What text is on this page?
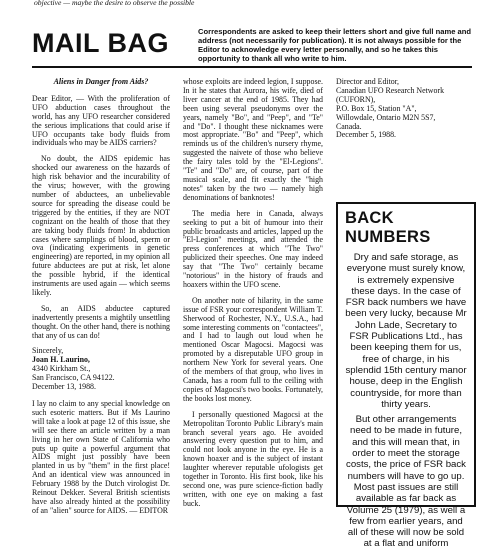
objective — maybe the desire to observe the possible
MAIL BAG	Correspondents are asked to keep their letters short and give full name and address (not necessarily for publication). It is not always possible for the Editor to acknowledge every letter personally, and so he takes this opportunity to thank all who write to him.
Aliens in Danger from Aids?

Dear Editor, — With the proliferation of UFO abduction cases throughout the world, has any UFO researcher considered the serious implications that could arise if UFO occupants take body fluids from individuals who may be AIDS carriers?

No doubt, the AIDS epidemic has shocked our awareness on the hazards of high risk behavior and the incurability of the virus; however, with the growing number of abductees, an unbelievable source for spreading the disease could be triggered by the entities, if they are NOT cognizant on the health of those that they are taking body fluids from! In abduction cases where samplings of blood, sperm or ova (indicating experiments in genetic engineering) are reported, in my opinion all future abductees are put at risk, let alone the possible hybrid, if the identical instruments are used again — which seems likely.

So, an AIDS abductee captured inadvertently presents a mightily unsettling thought. On the other hand, there is nothing that any of us can do!

Sincerely,
Joan H. Laurino,
4340 Kirkham St.,
San Francisco, CA 94122.
December 13, 1988.

I lay no claim to any special knowledge on such esoteric matters. But if Ms Laurino will take a look at page 12 of this issue, she will see there an article written by a man living in her own State of California who puts up quite a powerful argument that AIDS might just possibly have been planted in us by "them" in the first place! And an identical view was announced in February 1988 by the Dutch virologist Dr. Reinout Dekker. Several British scientists have also already hinted at the possibility of an "alien" source for AIDS. — EDITOR

whose exploits are indeed legion, I suppose. In it he states that Aurora, his wife, died of liver cancer at the end of 1985. They had been using several pseudonyms over the years, namely "Bo", and "Peep", and "Te" and "Do". I thought these nicknames were most appropriate. "Bo" and "Peep", which reminds us of the children's nursery rhyme, suggested the naivete of those who believe the fairy tales told by the "El-Legions". "Te" and "Do" are, of course, part of the musical scale, and fit exactly the "high notes" taken by the two — namely high denominations of banknotes!

The media here in Canada, always seeking to put a bit of humour into their public broadcasts and articles, lapped up the "El-Legion" meetings, and attended the press conferences at which "The Two" publicized their speeches. One may indeed say that "The Two" certainly became "notorious" in the history of frauds and hoaxers within the UFO scene.

On another note of hilarity, in the same issue of FSR your correspondent William T. Sherwood of Rochester, N.Y., U.S.A., had some interesting comments on "contactees", and I had to laugh out loud when he mentioned Oscar Magocsi. Magocsi was promoted by a disreputable UFO group in northern New York for several years. One of the members of that group, who lives in Canada, has a room full to the ceiling with copies of Magocsi's two books. Fortunately, the books lost money.

I personally questioned Magocsi at the Metropolitan Toronto Public Library's main branch several years ago. He avoided answering every question put to him, and could not look anyone in the eye. He is a known hoaxer and is the subject of instant laughter wherever reputable ufologists get together in Toronto. His first book, like his second one, was pure science-fiction badly written, with one eye on making a fast buck.

Director and Editor,
Canadian UFO Research Network (CUFORN),
P.O. Box 15, Station "A",
Willowdale, Ontario M2N 5S7,
Canada.
December 5, 1988.
BACK NUMBERS

Dry and safe storage, as everyone must surely know, is extremely expensive these days. In the case of FSR back numbers we have been very lucky, because Mr John Lade, Secretary to FSR Publications Ltd., has been keeping them for us, free of charge, in his splendid 15th century manor house, deep in the English countryside, for more than thirty years.

But other arrangements need to be made in future, and this will mean that, in order to meet the storage costs, the price of FSR back numbers will have to go up. Most past issues are still available as far back as Volume 25 (1979), as well a few from earlier years, and all of these will now be sold at a flat and uniform
